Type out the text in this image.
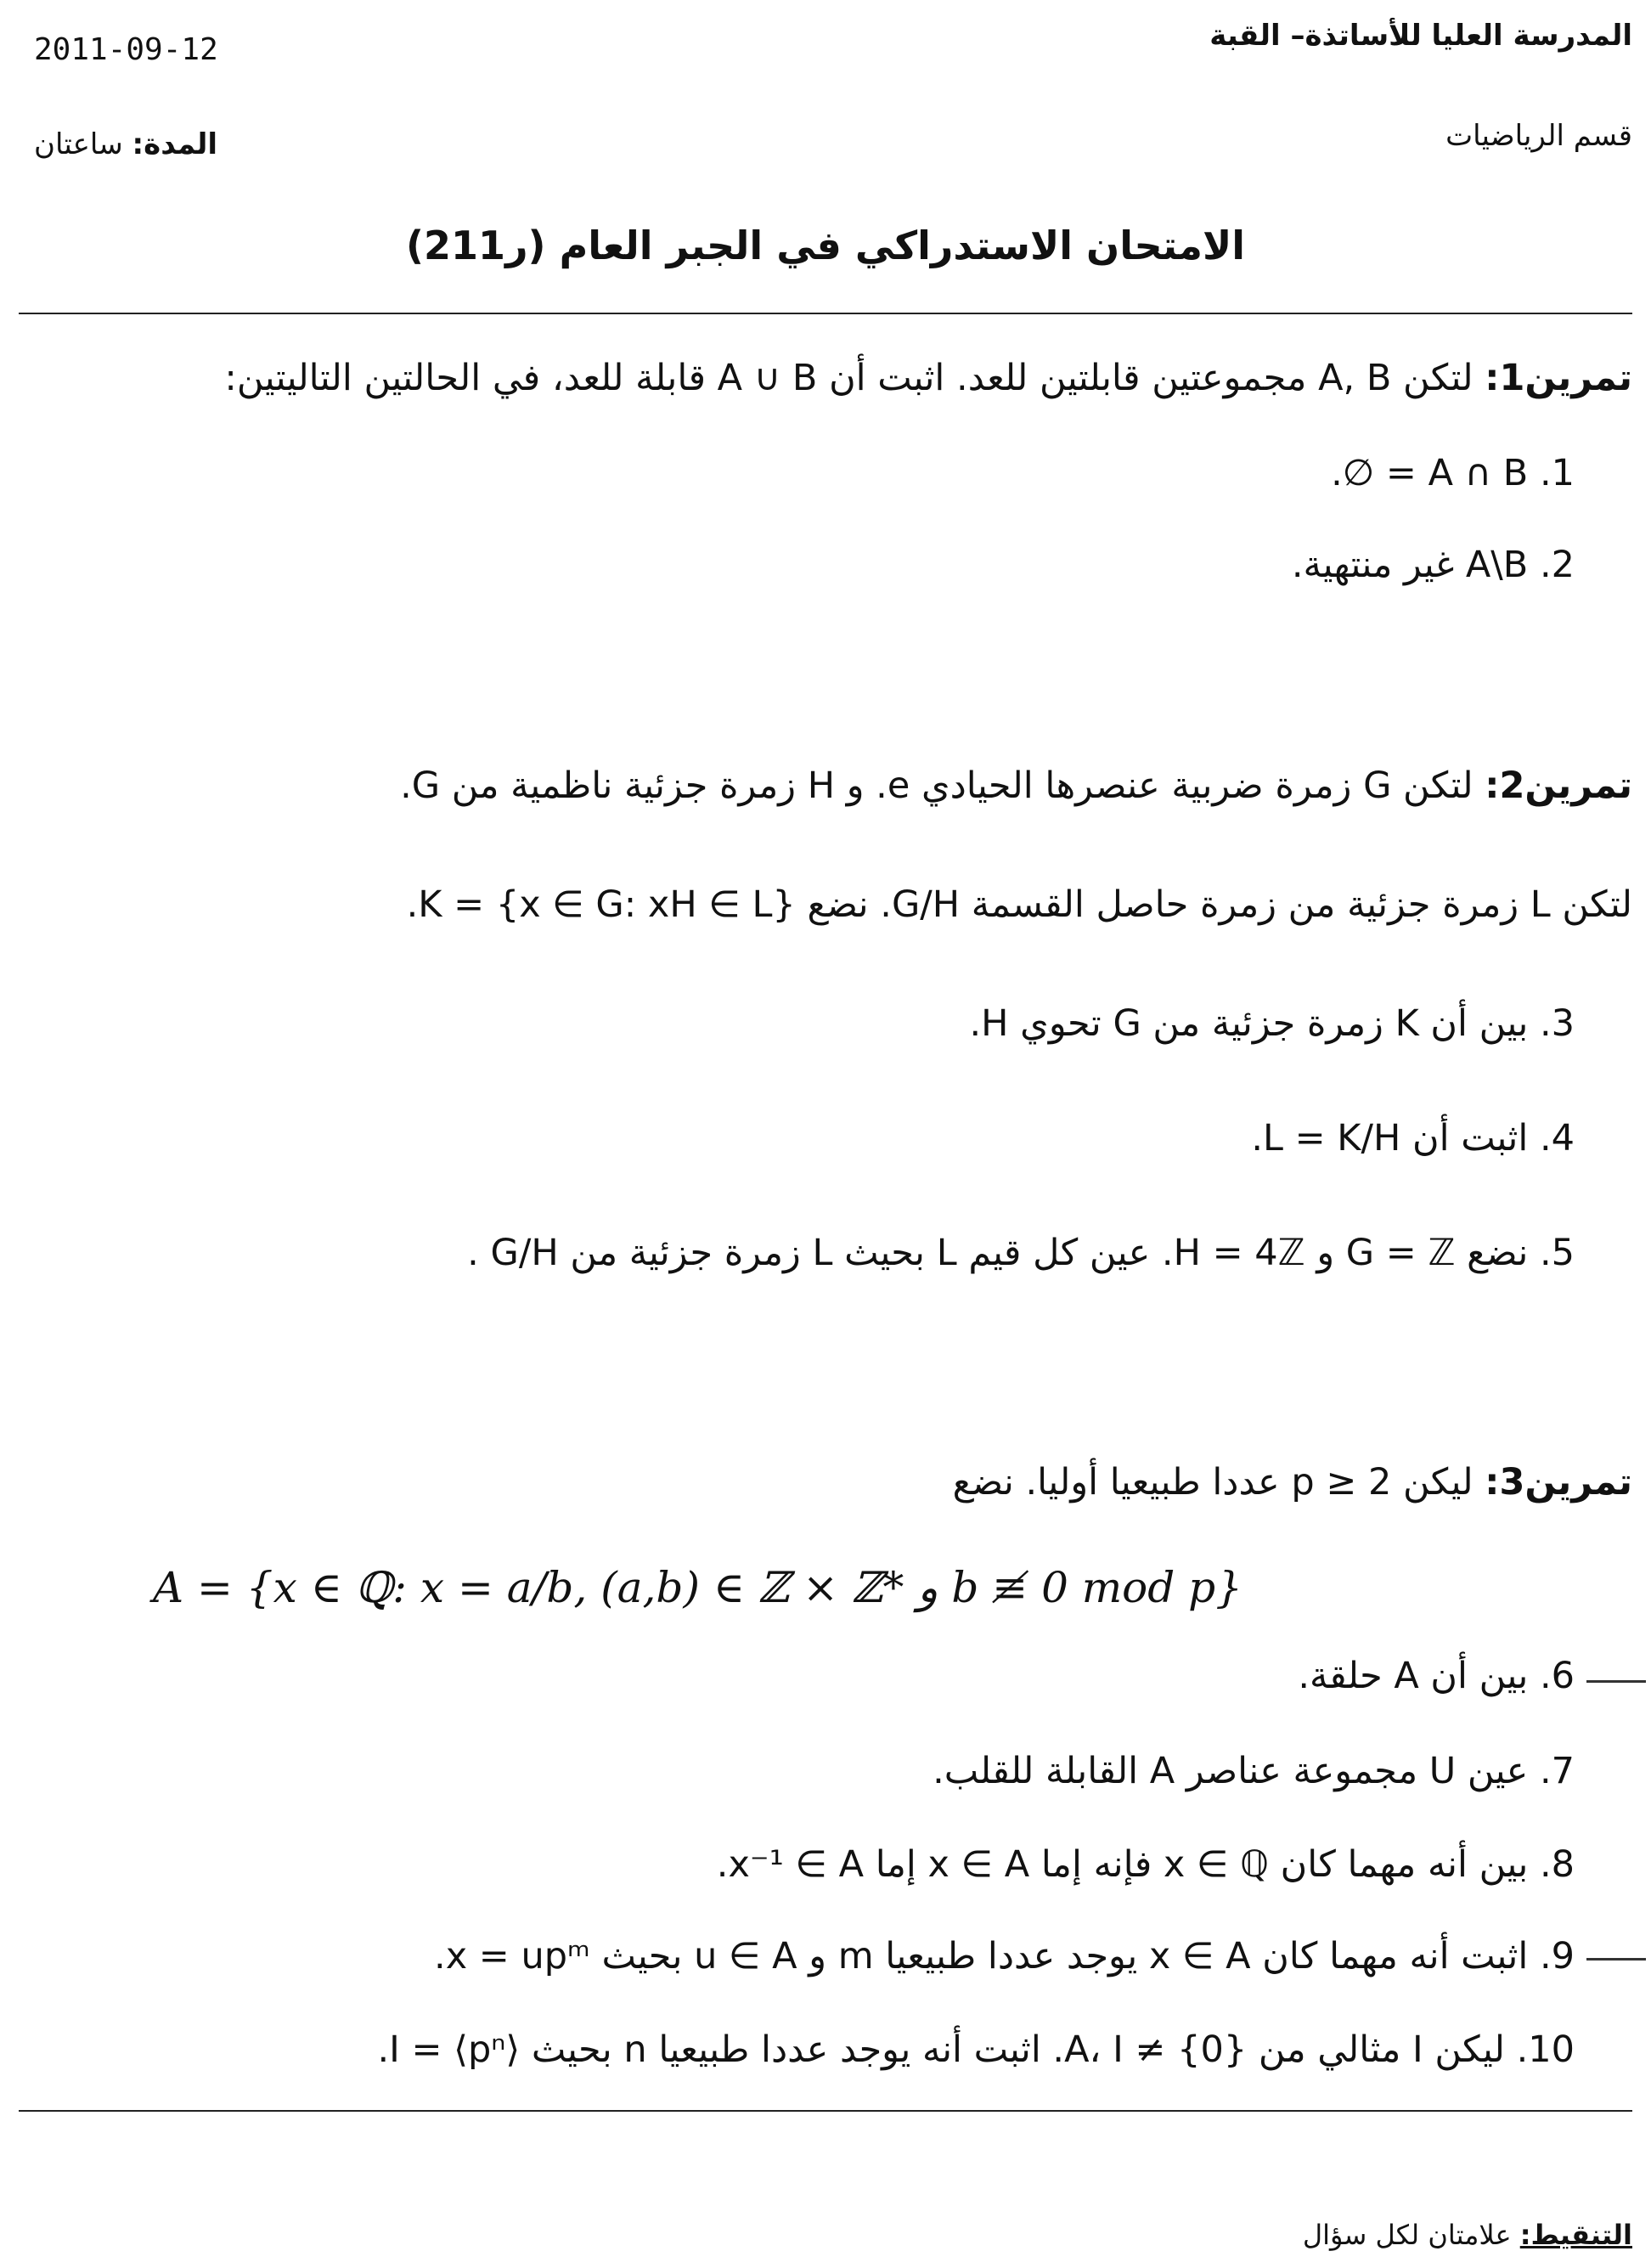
المدرسة العليا للأساتذة– القبة
2011-09-12
قسم الرياضيات
المدة: ساعتان
الامتحان الاستدراكي في الجبر العام (ر211)
تمرين1: لتكن A, B مجموعتين قابلتين للعد. اثبت أن A ∪ B قابلة للعد، في الحالتين التاليتين:
1. A ∩ B = ∅.
2. A\B غير منتهية.
تمرين2: لتكن G زمرة ضربية عنصرها الحيادي e. و H زمرة جزئية ناظمية من G.
لتكن L زمرة جزئية من زمرة حاصل القسمة G/H. نضع K = {x ∈ G: xH ∈ L}.
3. بين أن K زمرة جزئية من G تحوي H.
4. اثبت أن L = K/H.
5. نضع G = ℤ و H = 4ℤ. عين كل قيم L بحيث L زمرة جزئية من G/H .
تمرين3: ليكن p ≥ 2 عددا طبيعيا أوليا. نضع
A = {x ∈ ℚ: x = a/b, (a,b) ∈ ℤ × ℤ* و b ≢ 0 mod p}
6. بين أن A حلقة.
7. عين U مجموعة عناصر A القابلة للقلب.
8. بين أنه مهما كان x ∈ ℚ فإنه إما x ∈ A إما x⁻¹ ∈ A.
9. اثبت أنه مهما كان x ∈ A يوجد عددا طبيعيا m و u ∈ A بحيث x = upᵐ.
10. ليكن I مثالي من A، I ≠ {0}. اثبت أنه يوجد عددا طبيعيا n بحيث I = ⟨pⁿ⟩.
التنقيط: علامتان لكل سؤال
